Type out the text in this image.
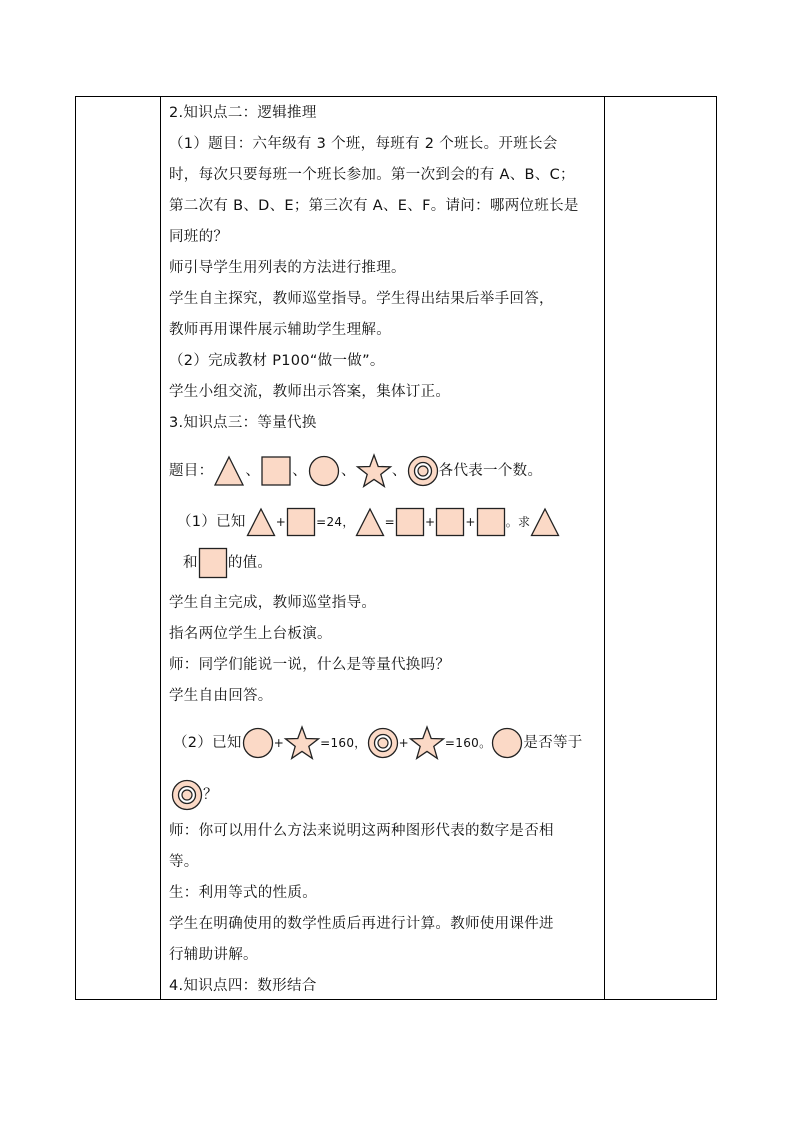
2.知识点二：逻辑推理
（1）题目：六年级有 3 个班，每班有 2 个班长。开班长会
时，每次只要每班一个班长参加。第一次到会的有 A、B、C；
第二次有 B、D、E；第三次有 A、E、F。请问：哪两位班长是
同班的？
师引导学生用列表的方法进行推理。
学生自主探究，教师巡堂指导。学生得出结果后举手回答，
教师再用课件展示辅助学生理解。
（2）完成教材 P100“做一做”。
学生小组交流，教师出示答案，集体订正。
3.知识点三：等量代换
题目： 、 、 、 、 各代表一个数。
（1）已知	+	=24，	=	+	+	。求
和 的值。
学生自主完成，教师巡堂指导。
指名两位学生上台板演。
师：同学们能说一说，什么是等量代换吗？
学生自由回答。
（2）已知	+	=160，	+	=160。 是否等于
？
师：你可以用什么方法来说明这两种图形代表的数字是否相
等。
生：利用等式的性质。
学生在明确使用的数学性质后再进行计算。教师使用课件进
行辅助讲解。
4.知识点四：数形结合
